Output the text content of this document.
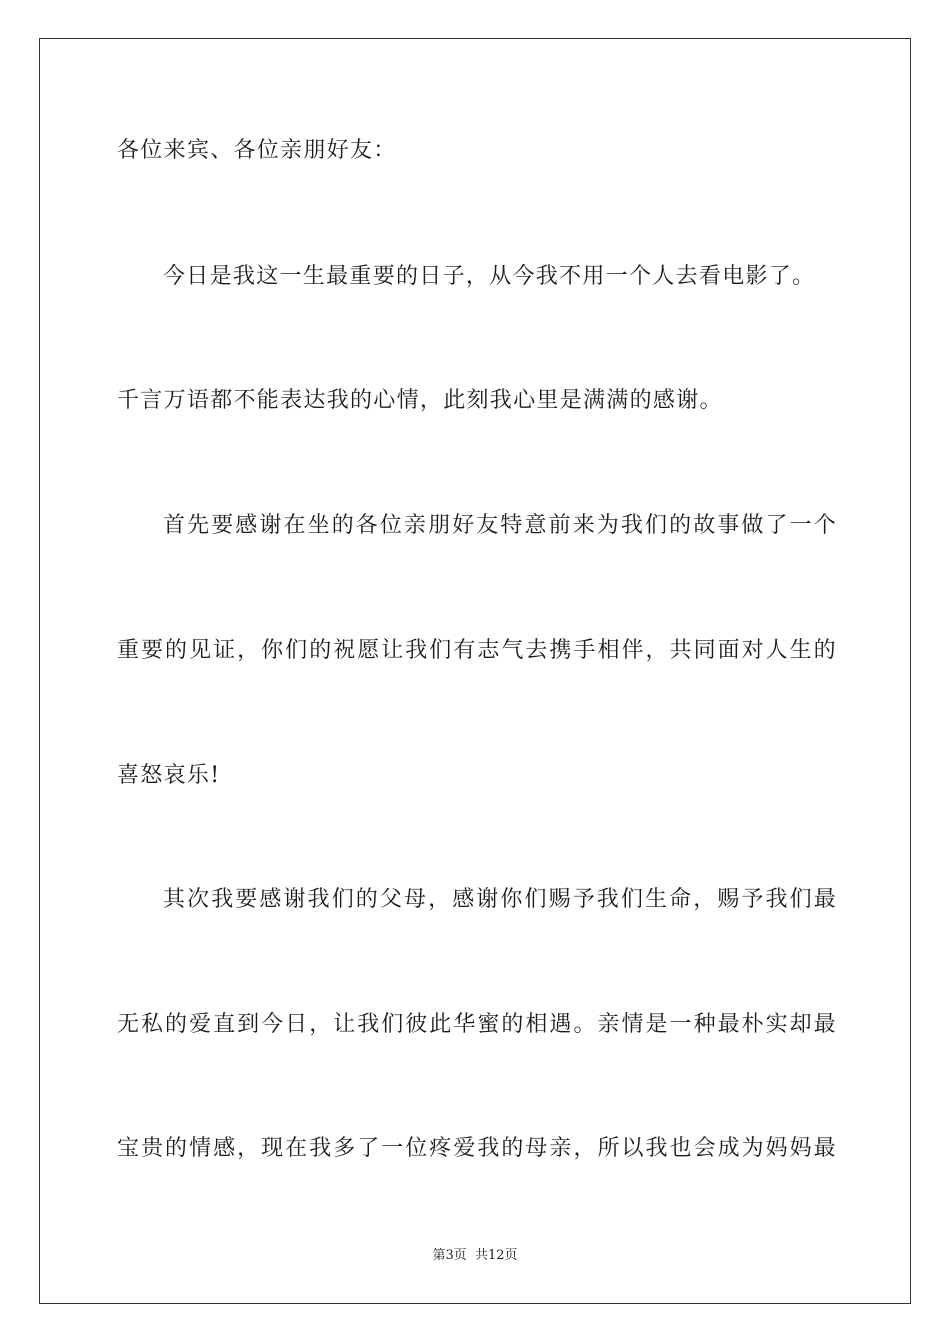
各位来宾、各位亲朋好友：
今日是我这一生最重要的日子，从今我不用一个人去看电影了。
千言万语都不能表达我的心情，此刻我心里是满满的感谢。
首先要感谢在坐的各位亲朋好友特意前来为我们的故事做了一个
重要的见证，你们的祝愿让我们有志气去携手相伴，共同面对人生的
喜怒哀乐!
其次我要感谢我们的父母，感谢你们赐予我们生命，赐予我们最
无私的爱直到今日，让我们彼此华蜜的相遇。亲情是一种最朴实却最
宝贵的情感，现在我多了一位疼爱我的母亲，所以我也会成为妈妈最
第3页 共12页
